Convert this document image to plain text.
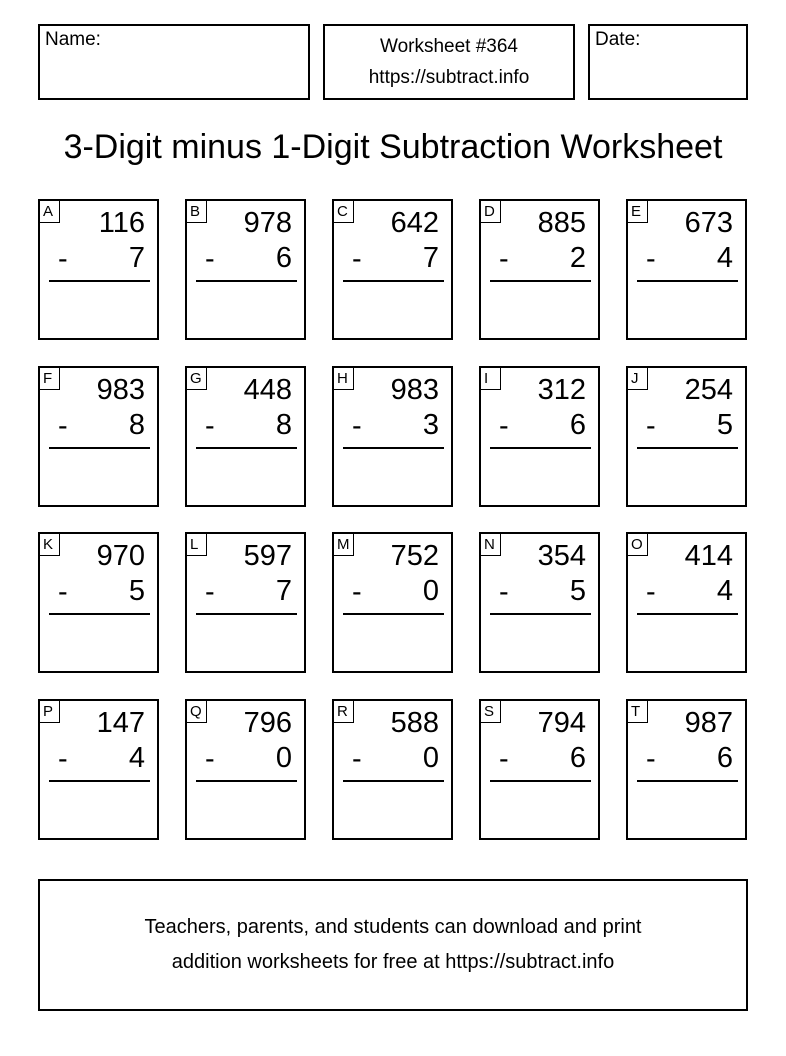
Name:	Worksheet #364
https://subtract.info
Date:
3-Digit minus 1-Digit Subtraction Worksheet
A 116
- 7
B 978
- 6
C 642
- 7
D 885
- 2
E 673
- 4
F 983
- 8
G 448
- 8
H 983
- 3
I	312
- 6
J	254
- 5
K 970
- 5
L 597
- 7
M 752
- 0
N 354
- 5
O 414
- 4
P 147
- 4
Q 796
- 0
R 588
- 0
S 794
- 6
T 987
- 6
Teachers, parents, and students can download and print
addition worksheets for free at https://subtract.info
